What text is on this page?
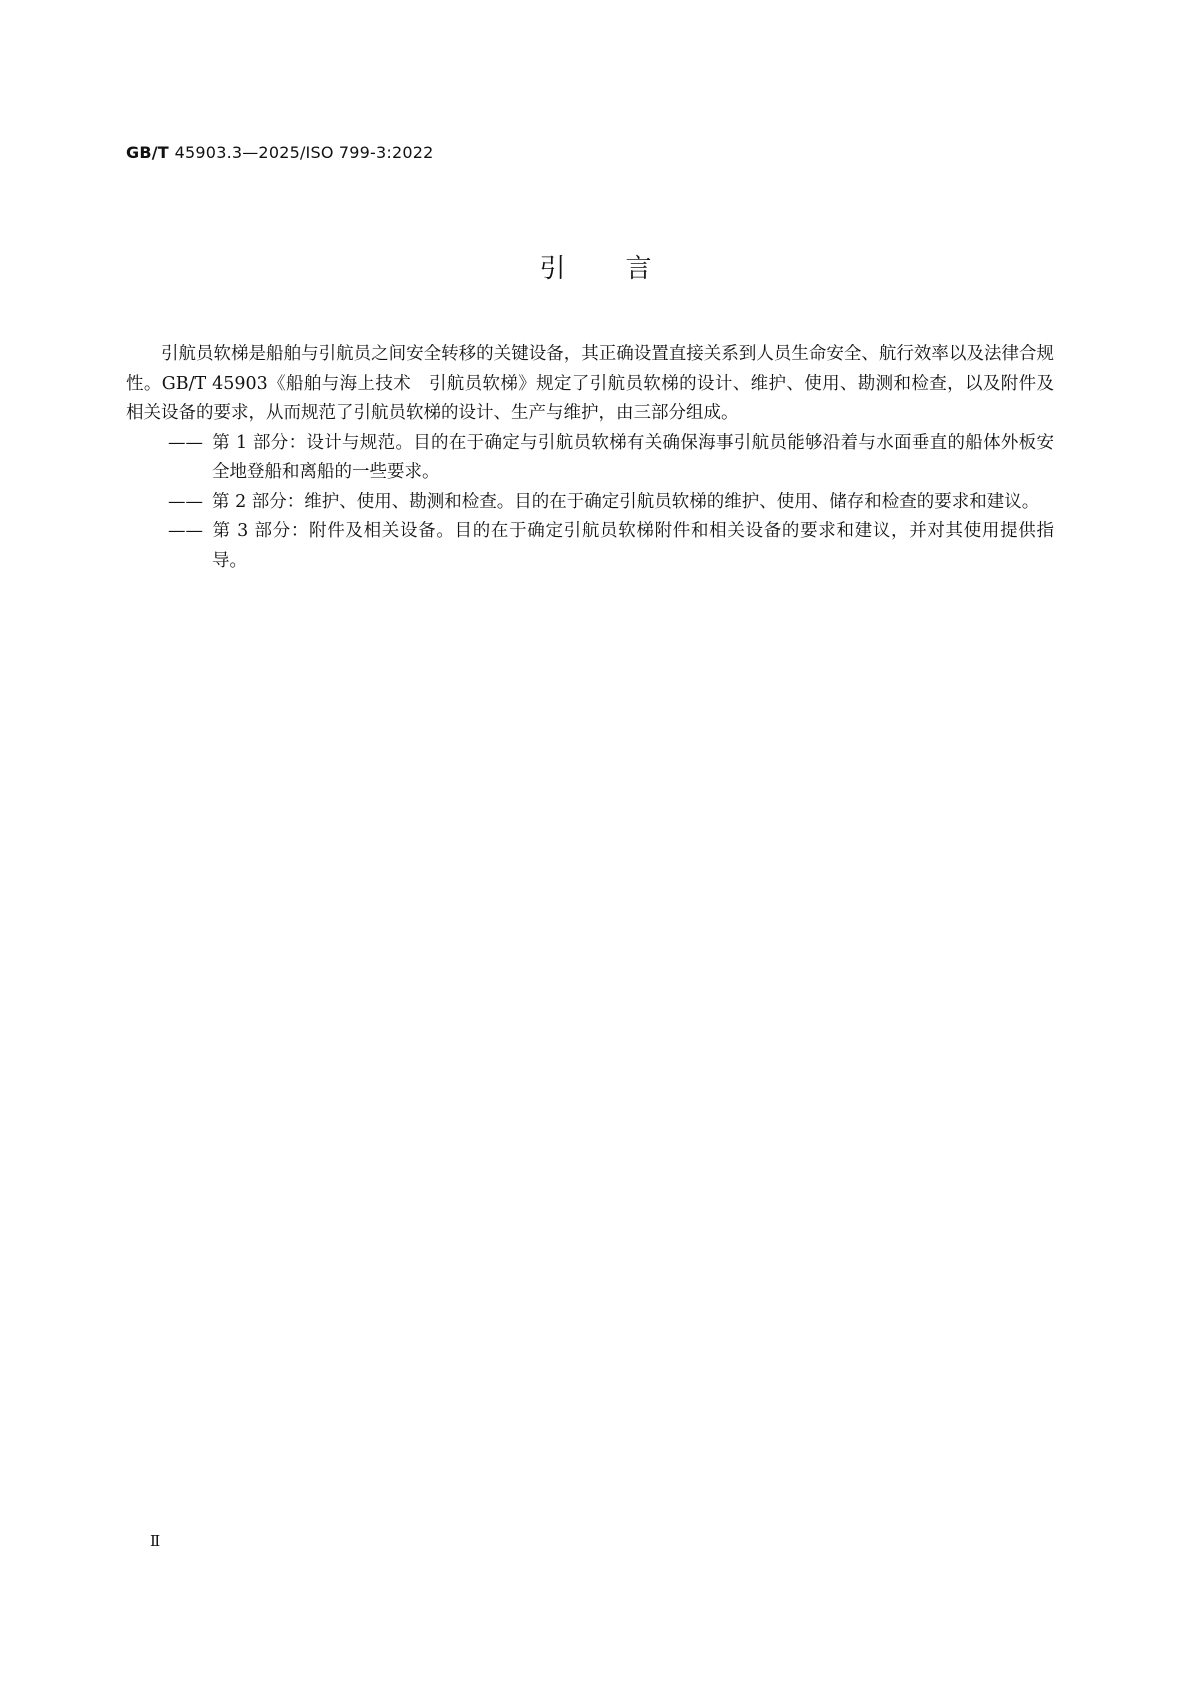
GB/T 45903.3—2025/ISO 799-3:2022
引言

引航员软梯是船舶与引航员之间安全转移的关键设备，其正确设置直接关系到人员生命安全、航行效率以及法律合规性。GB/T 45903《船舶与海上技术　引航员软梯》规定了引航员软梯的设计、维护、使用、勘测和检查，以及附件及相关设备的要求，从而规范了引航员软梯的设计、生产与维护，由三部分组成。

—— 第 1 部分：设计与规范。目的在于确定与引航员软梯有关确保海事引航员能够沿着与水面垂直的船体外板安全地登船和离船的一些要求。
—— 第 2 部分：维护、使用、勘测和检查。目的在于确定引航员软梯的维护、使用、储存和检查的要求和建议。
—— 第 3 部分：附件及相关设备。目的在于确定引航员软梯附件和相关设备的要求和建议，并对其使用提供指导。
Ⅱ
